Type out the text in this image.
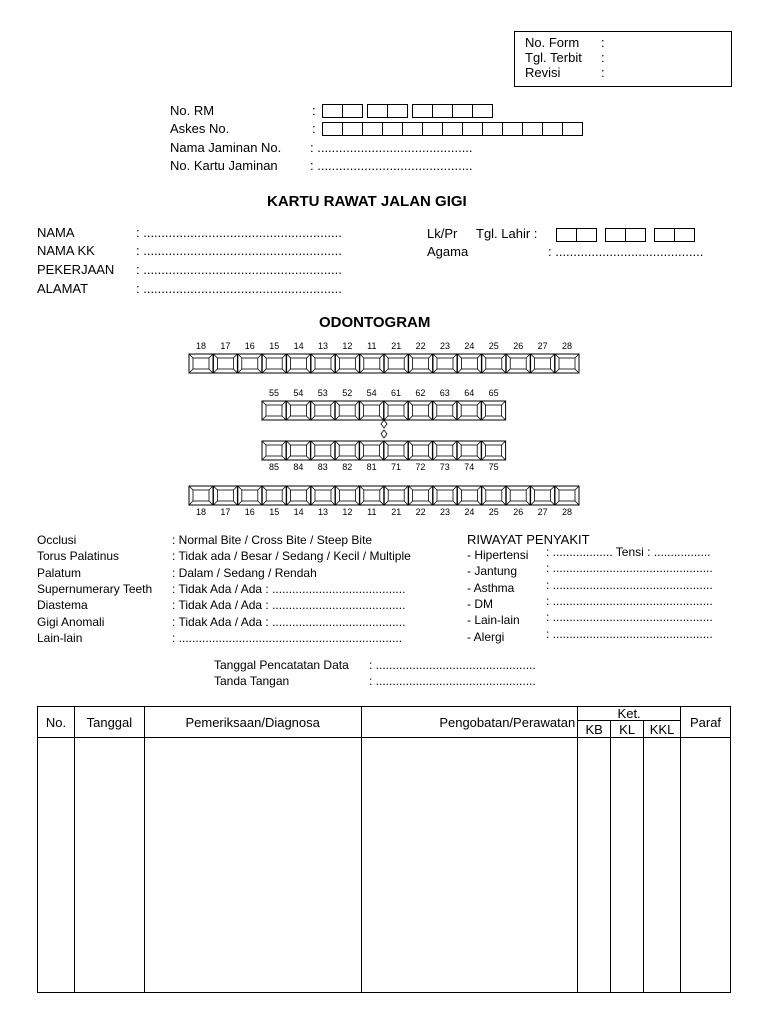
No. Form :
Tgl. Terbit :
Revisi	:
No. RM	:
Askes No.	:
Nama Jaminan No. : ...........................................
No. Kartu Jaminan : ...........................................
KARTU RAWAT JALAN GIGI
NAMA	: .......................................................
NAMA KK	: .......................................................
PEKERJAAN : .......................................................
ALAMAT	: .......................................................
Lk/Pr Tgl. Lahir :
Agama	: .........................................
ODONTOGRAM
18 17 16 15 14 13 12 11 21 22 23 24 25 26 27 28
55 54 53 52 54 61 62 63 64 65
85 84 83 82 81 71 72 73 74 75
18 17 16 15 14 13 12 11 21 22 23 24 25 26 27 28
Occlusi	: Normal Bite / Cross Bite / Steep Bite
Torus Palatinus	: Tidak ada / Besar / Sedang / Kecil / Multiple
Palatum	: Dalam / Sedang / Rendah
Supernumerary Teeth : Tidak Ada / Ada : ........................................
Diastema	: Tidak Ada / Ada : ........................................
Gigi Anomali	: Tidak Ada / Ada : ........................................
Lain-lain	: ...................................................................
RIWAYAT PENYAKIT
- Hipertensi : .................. Tensi : .................
- Jantung : ................................................
- Asthma	: ................................................
- DM	: ................................................
- Lain-lain : ................................................
- Alergi	: ................................................
Tanggal Pencatatan Data : ................................................
Tanda Tangan	: ................................................
No.	Tanggal	Pemeriksaan/Diagnosa	Pengobatan/Perawatan	Ket.			Paraf
				KB	KL	KKL	
